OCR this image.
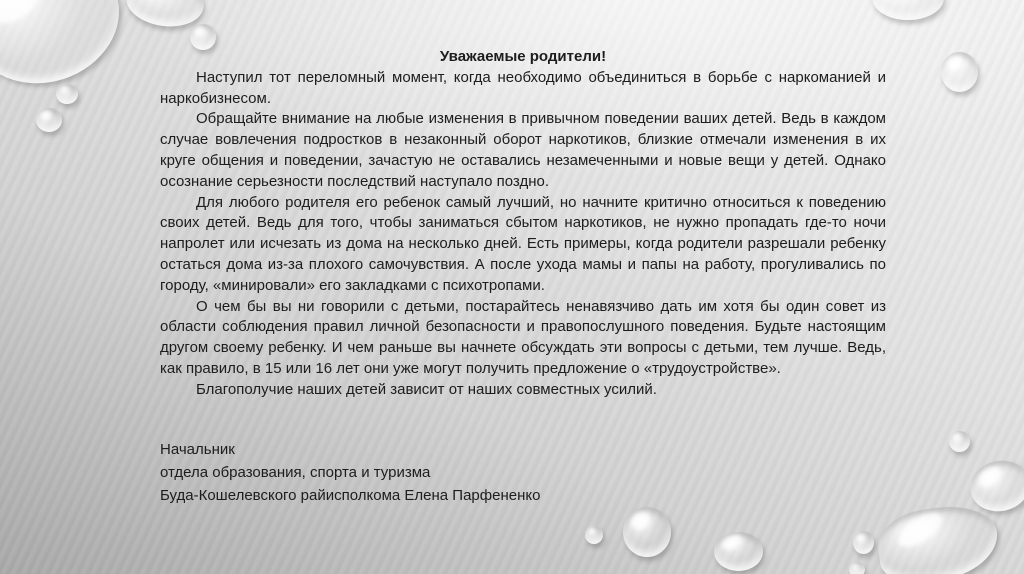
Уважаемые родители!

Наступил тот переломный момент, когда необходимо объединиться в борьбе с наркоманией и наркобизнесом.

Обращайте внимание на любые изменения в привычном поведении ваших детей. Ведь в каждом случае вовлечения подростков в незаконный оборот наркотиков, близкие отмечали изменения в их круге общения и поведении, зачастую не оставались незамеченными и новые вещи у детей. Однако осознание серьезности последствий наступало поздно.

Для любого родителя его ребенок самый лучший, но начните критично относиться к поведению своих детей. Ведь для того, чтобы заниматься сбытом наркотиков, не нужно пропадать где-то ночи напролет или исчезать из дома на несколько дней. Есть примеры, когда родители разрешали ребенку остаться дома из-за плохого самочувствия. А после ухода мамы и папы на работу, прогуливались по городу, «минировали» его закладками с психотропами.

О чем бы вы ни говорили с детьми, постарайтесь ненавязчиво дать им хотя бы один совет из области соблюдения правил личной безопасности и правопослушного поведения. Будьте настоящим другом своему ребенку. И чем раньше вы начнете обсуждать эти вопросы с детьми, тем лучше. Ведь, как правило, в 15 или 16 лет они уже могут получить предложение о «трудоустройстве».

Благополучие наших детей зависит от наших совместных усилий.

Начальник
отдела образования, спорта и туризма
Буда-Кошелевского райисполкома Елена Парфененко
